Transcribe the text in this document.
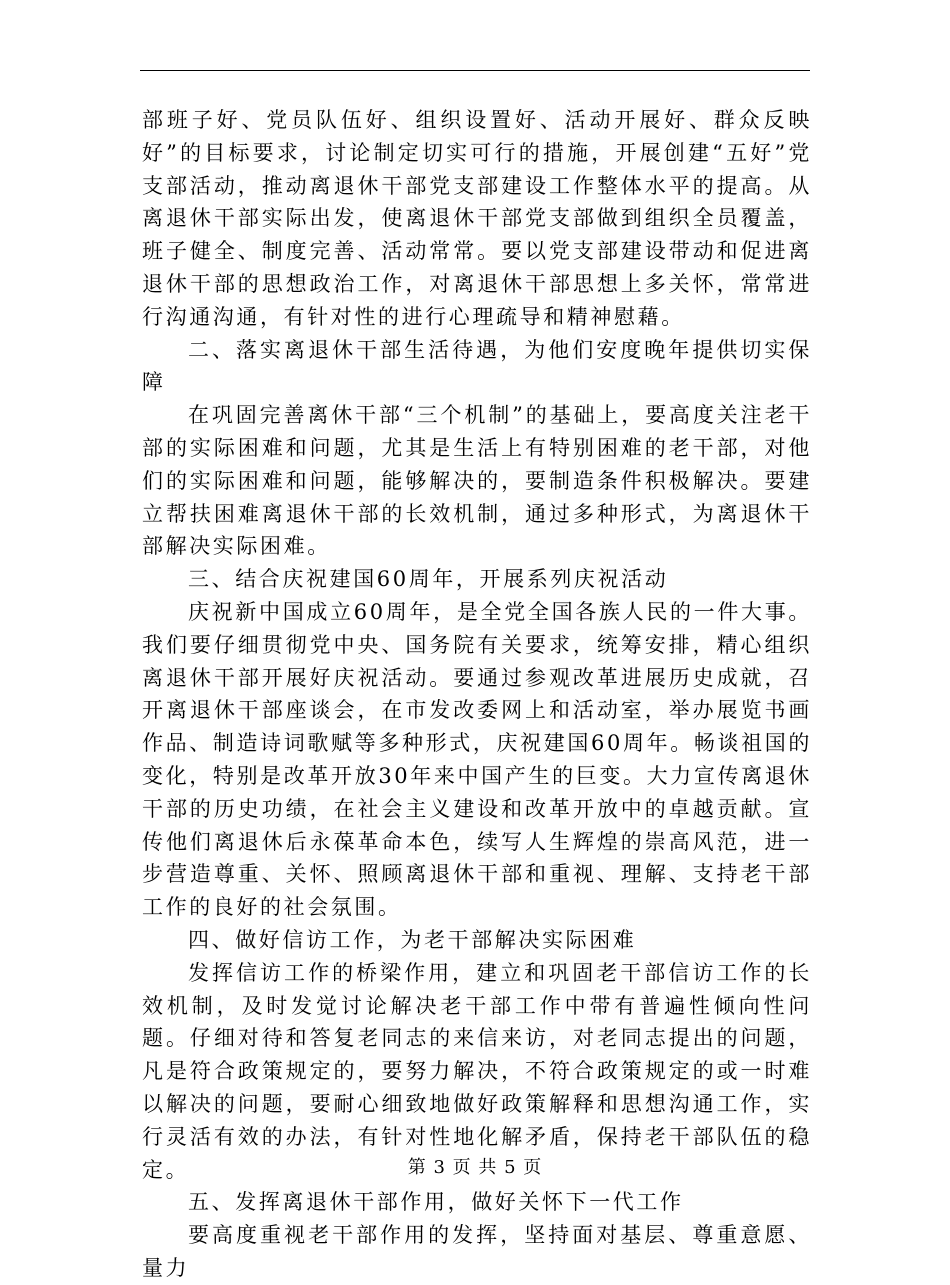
部班子好、党员队伍好、组织设置好、活动开展好、群众反映好”的目标要求，讨论制定切实可行的措施，开展创建“五好”党支部活动，推动离退休干部党支部建设工作整体水平的提高。从离退休干部实际出发，使离退休干部党支部做到组织全员覆盖，班子健全、制度完善、活动常常。要以党支部建设带动和促进离退休干部的思想政治工作，对离退休干部思想上多关怀，常常进行沟通沟通，有针对性的进行心理疏导和精神慰藉。

二、落实离退休干部生活待遇，为他们安度晚年提供切实保障

在巩固完善离休干部“三个机制”的基础上，要高度关注老干部的实际困难和问题，尤其是生活上有特别困难的老干部，对他们的实际困难和问题，能够解决的，要制造条件积极解决。要建立帮扶困难离退休干部的长效机制，通过多种形式，为离退休干部解决实际困难。

三、结合庆祝建国60周年，开展系列庆祝活动

庆祝新中国成立60周年，是全党全国各族人民的一件大事。我们要仔细贯彻党中央、国务院有关要求，统筹安排，精心组织离退休干部开展好庆祝活动。要通过参观改革进展历史成就，召开离退休干部座谈会，在市发改委网上和活动室，举办展览书画作品、制造诗词歌赋等多种形式，庆祝建国60周年。畅谈祖国的变化，特别是改革开放30年来中国产生的巨变。大力宣传离退休干部的历史功绩，在社会主义建设和改革开放中的卓越贡献。宣传他们离退休后永葆革命本色，续写人生辉煌的崇高风范，进一步营造尊重、关怀、照顾离退休干部和重视、理解、支持老干部工作的良好的社会氛围。

四、做好信访工作，为老干部解决实际困难

发挥信访工作的桥梁作用，建立和巩固老干部信访工作的长效机制，及时发觉讨论解决老干部工作中带有普遍性倾向性问题。仔细对待和答复老同志的来信来访，对老同志提出的问题，凡是符合政策规定的，要努力解决，不符合政策规定的或一时难以解决的问题，要耐心细致地做好政策解释和思想沟通工作，实行灵活有效的办法，有针对性地化解矛盾，保持老干部队伍的稳定。

五、发挥离退休干部作用，做好关怀下一代工作

要高度重视老干部作用的发挥，坚持面对基层、尊重意愿、量力

第 3 页 共 5 页
